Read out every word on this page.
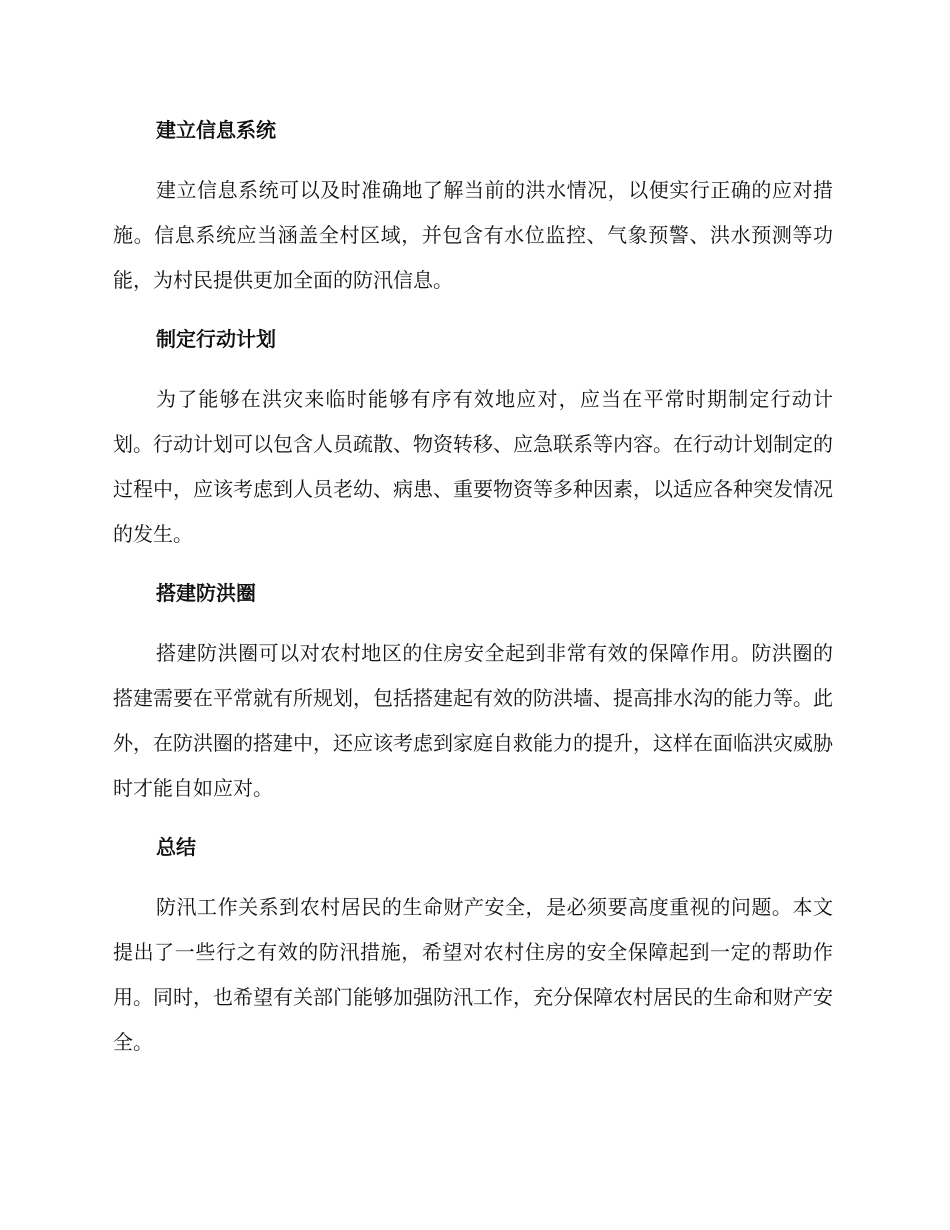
建立信息系统

建立信息系统可以及时准确地了解当前的洪水情况，以便实行正确的应对措施。信息系统应当涵盖全村区域，并包含有水位监控、气象预警、洪水预测等功能，为村民提供更加全面的防汛信息。

制定行动计划

为了能够在洪灾来临时能够有序有效地应对，应当在平常时期制定行动计划。行动计划可以包含人员疏散、物资转移、应急联系等内容。在行动计划制定的过程中，应该考虑到人员老幼、病患、重要物资等多种因素，以适应各种突发情况的发生。

搭建防洪圈

搭建防洪圈可以对农村地区的住房安全起到非常有效的保障作用。防洪圈的搭建需要在平常就有所规划，包括搭建起有效的防洪墙、提高排水沟的能力等。此外，在防洪圈的搭建中，还应该考虑到家庭自救能力的提升，这样在面临洪灾威胁时才能自如应对。

总结

防汛工作关系到农村居民的生命财产安全，是必须要高度重视的问题。本文提出了一些行之有效的防汛措施，希望对农村住房的安全保障起到一定的帮助作用。同时，也希望有关部门能够加强防汛工作，充分保障农村居民的生命和财产安全。
